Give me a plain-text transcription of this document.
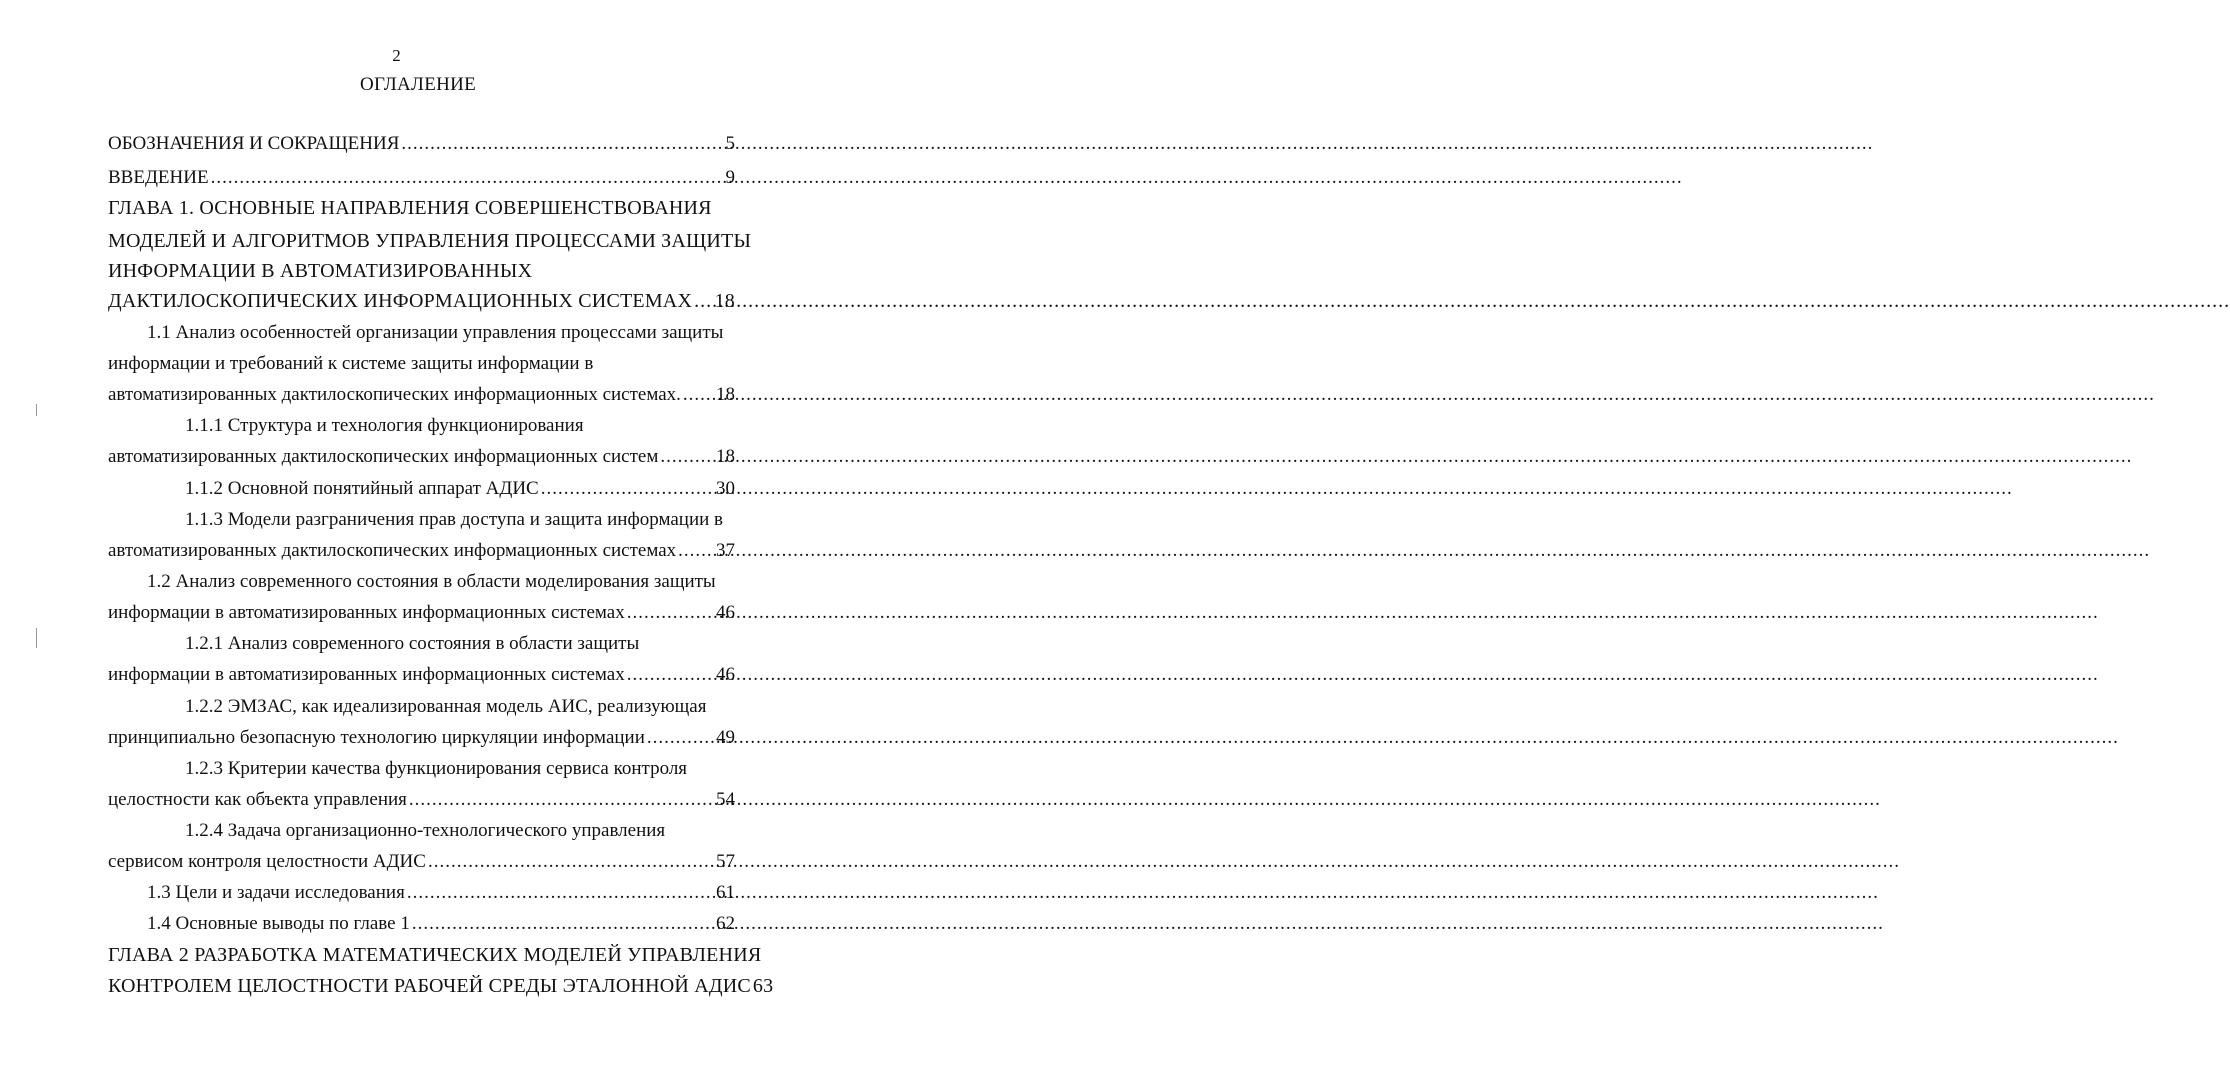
2
ОГЛАЛЕНИЕ
ОБОЗНАЧЕНИЯ И СОКРАЩЕНИЯ .....	5
ВВЕДЕНИЕ .....	9
ГЛАВА 1. ОСНОВНЫЕ НАПРАВЛЕНИЯ СОВЕРШЕНСТВОВАНИЯ
МОДЕЛЕЙ И АЛГОРИТМОВ УПРАВЛЕНИЯ ПРОЦЕССАМИ ЗАЩИТЫ
ИНФОРМАЦИИ В АВТОМАТИЗИРОВАННЫХ
ДАКТИЛОСКОПИЧЕСКИХ ИНФОРМАЦИОННЫХ СИСТЕМАХ ..... 18
1.1 Анализ особенностей организации управления процессами защиты
информации и требований к системе защиты информации в
автоматизированных дактилоскопических информационных системах. ..... 18
1.1.1 Структура и технология функционирования
автоматизированных дактилоскопических информационных систем .....	18
1.1.2 Основной понятийный аппарат АДИС .....	30
1.1.3 Модели разграничения прав доступа и защита информации в
автоматизированных дактилоскопических информационных системах ..... 37
1.2 Анализ современного состояния в области моделирования защиты
информации в автоматизированных информационных системах .....	46
1.2.1 Анализ современного состояния в области защиты
информации в автоматизированных информационных системах .....	46
1.2.2 ЭМЗАС, как идеализированная модель АИС, реализующая
принципиально безопасную технологию циркуляции информации .....	49
1.2.3 Критерии качества функционирования сервиса контроля
целостности как объекта управления .....	54
1.2.4 Задача организационно-технологического управления
сервисом контроля целостности АДИС .....	57
1.3 Цели и задачи исследования .....	61
1.4 Основные выводы по главе 1 .....	62
ГЛАВА 2 РАЗРАБОТКА МАТЕМАТИЧЕСКИХ МОДЕЛЕЙ УПРАВЛЕНИЯ
КОНТРОЛЕМ ЦЕЛОСТНОСТИ РАБОЧЕЙ СРЕДЫ ЭТАЛОННОЙ АДИС 63
